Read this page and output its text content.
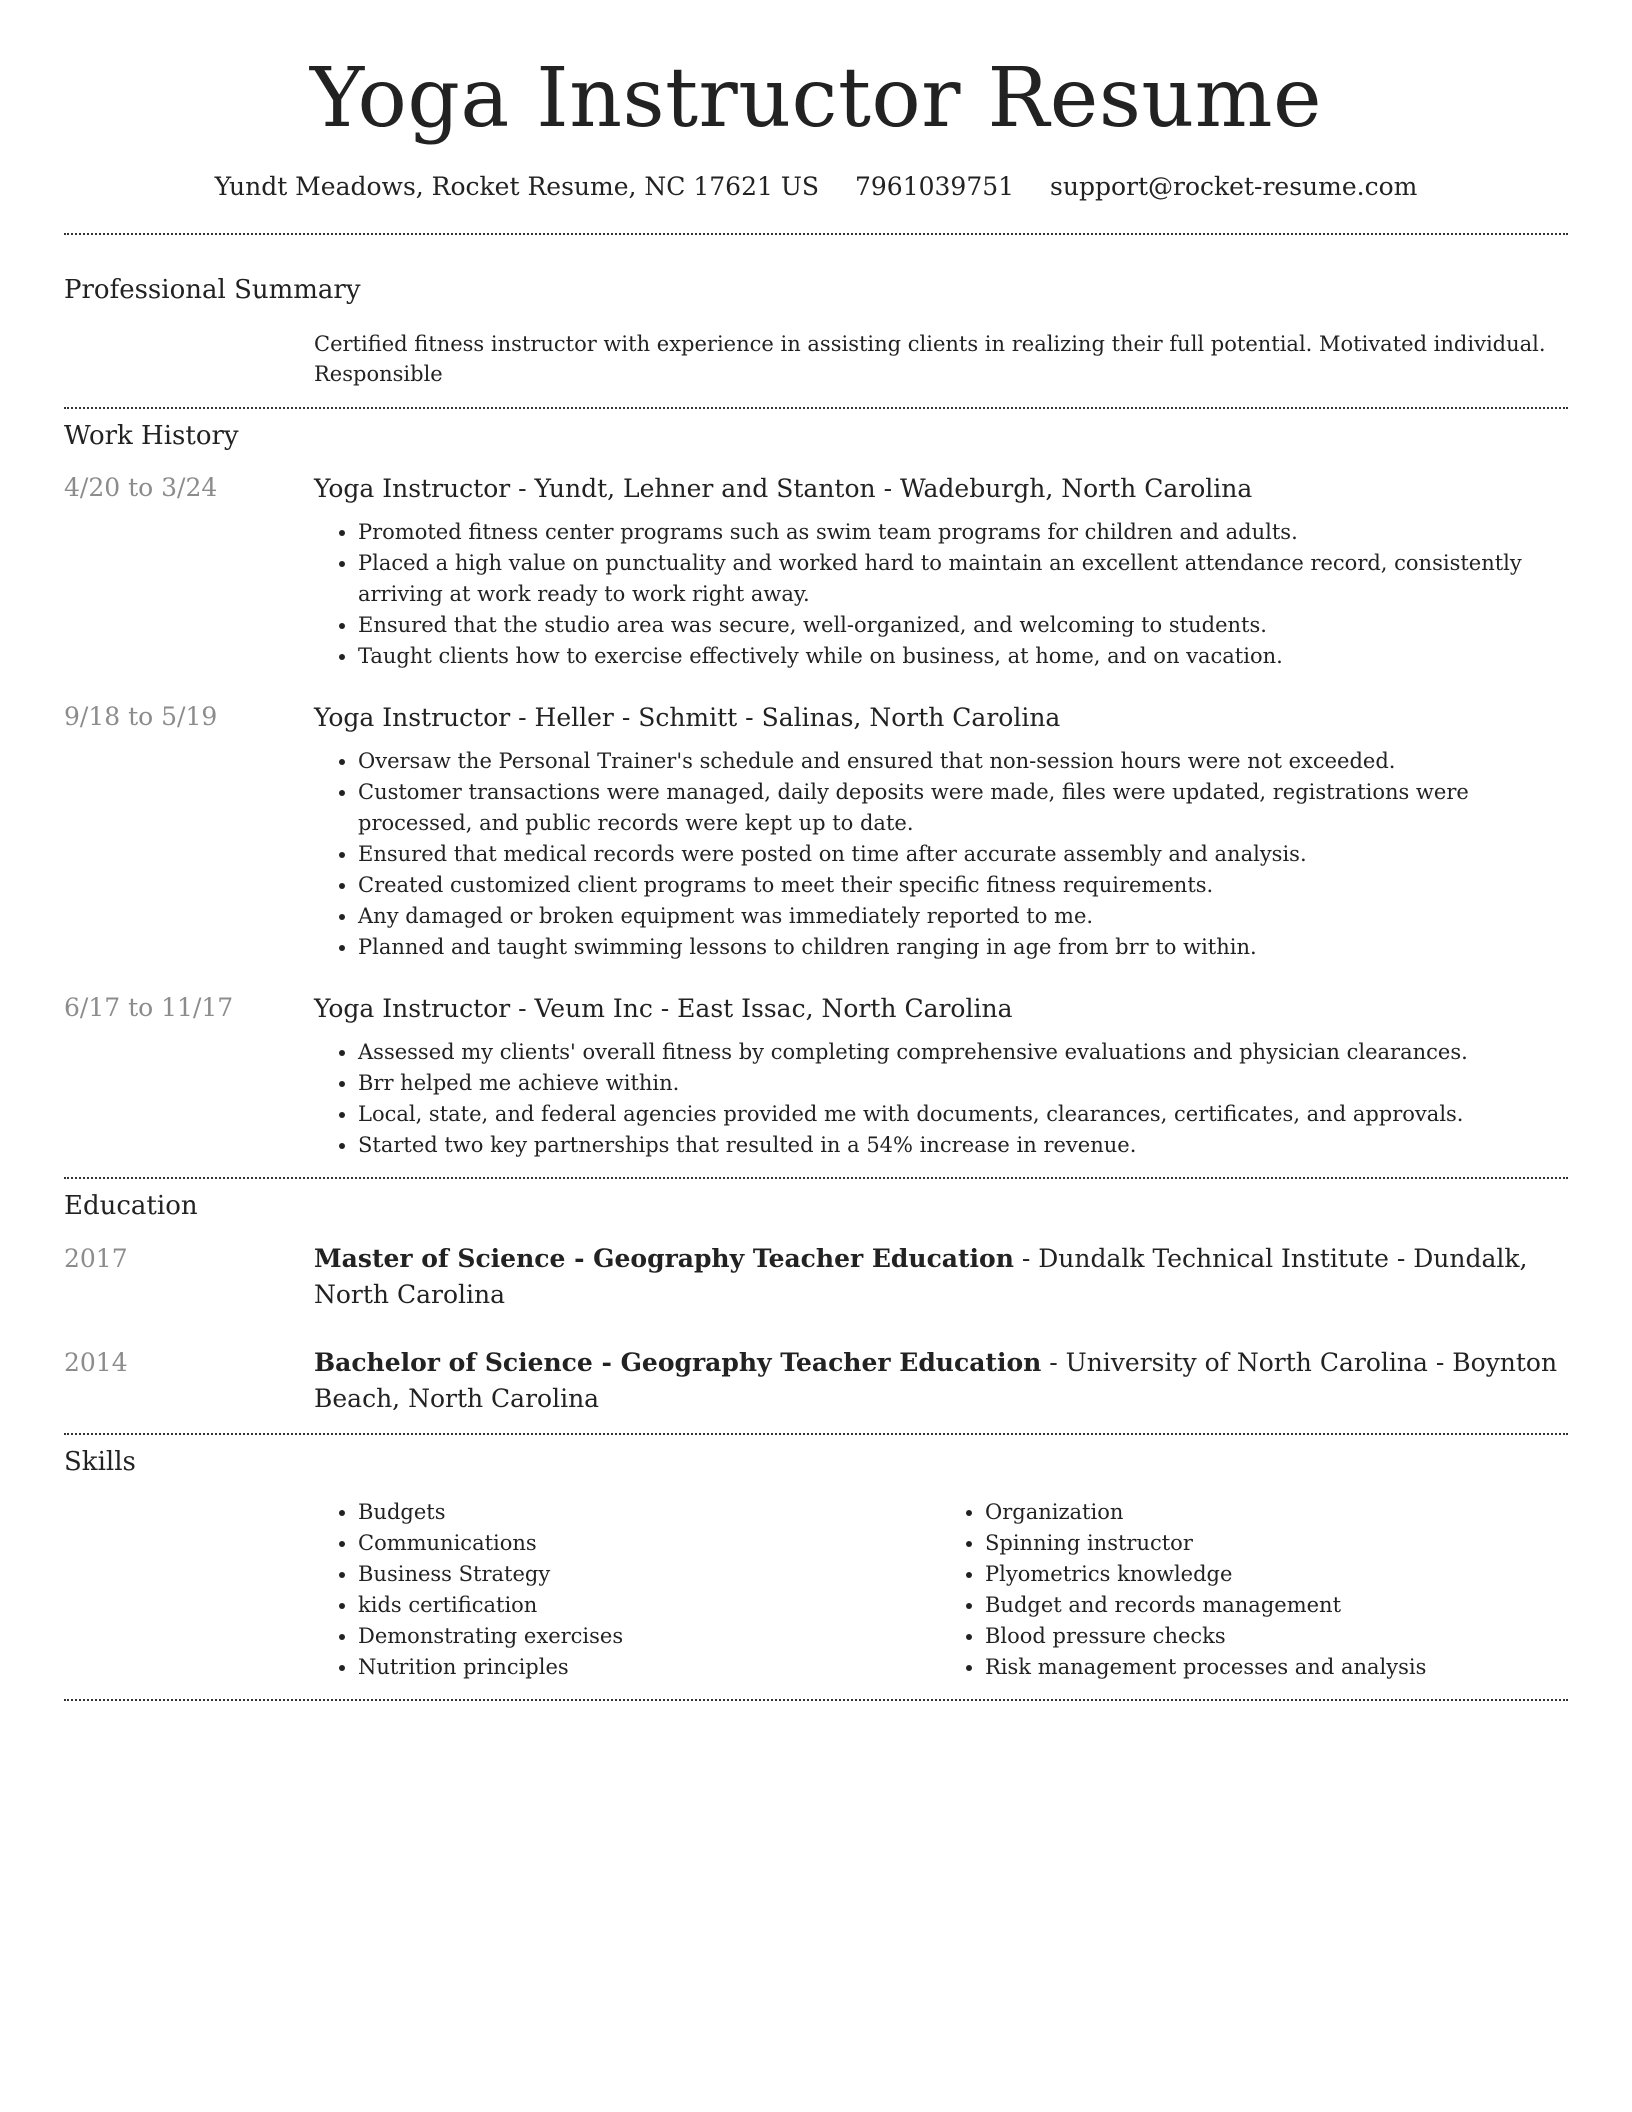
Yoga Instructor Resume
Yundt Meadows, Rocket Resume, NC 17621 US 7961039751 support@rocket-resume.com
Professional Summary
Certified fitness instructor with experience in assisting clients in realizing their full potential. Motivated individual. Responsible
Work History
4/20 to 3/24	Yoga Instructor - Yundt, Lehner and Stanton - Wadeburgh, North Carolina
• Promoted fitness center programs such as swim team programs for children and adults.
• Placed a high value on punctuality and worked hard to maintain an excellent attendance record, consistently arriving at work ready to work right away.
• Ensured that the studio area was secure, well-organized, and welcoming to students.
• Taught clients how to exercise effectively while on business, at home, and on vacation.
9/18 to 5/19	Yoga Instructor - Heller - Schmitt - Salinas, North Carolina
• Oversaw the Personal Trainer's schedule and ensured that non-session hours were not exceeded.
• Customer transactions were managed, daily deposits were made, files were updated, registrations were processed, and public records were kept up to date.
• Ensured that medical records were posted on time after accurate assembly and analysis.
• Created customized client programs to meet their specific fitness requirements.
• Any damaged or broken equipment was immediately reported to me.
• Planned and taught swimming lessons to children ranging in age from brr to within.
6/17 to 11/17	Yoga Instructor - Veum Inc - East Issac, North Carolina
• Assessed my clients' overall fitness by completing comprehensive evaluations and physician clearances.
• Brr helped me achieve within.
• Local, state, and federal agencies provided me with documents, clearances, certificates, and approvals.
• Started two key partnerships that resulted in a 54% increase in revenue.
Education
2017	Master of Science - Geography Teacher Education - Dundalk Technical Institute - Dundalk, North Carolina
2014	Bachelor of Science - Geography Teacher Education - University of North Carolina - Boynton Beach, North Carolina
Skills
• Budgets
• Communications
• Business Strategy
• kids certification
• Demonstrating exercises
• Nutrition principles
• Organization
• Spinning instructor
• Plyometrics knowledge
• Budget and records management
• Blood pressure checks
• Risk management processes and analysis
